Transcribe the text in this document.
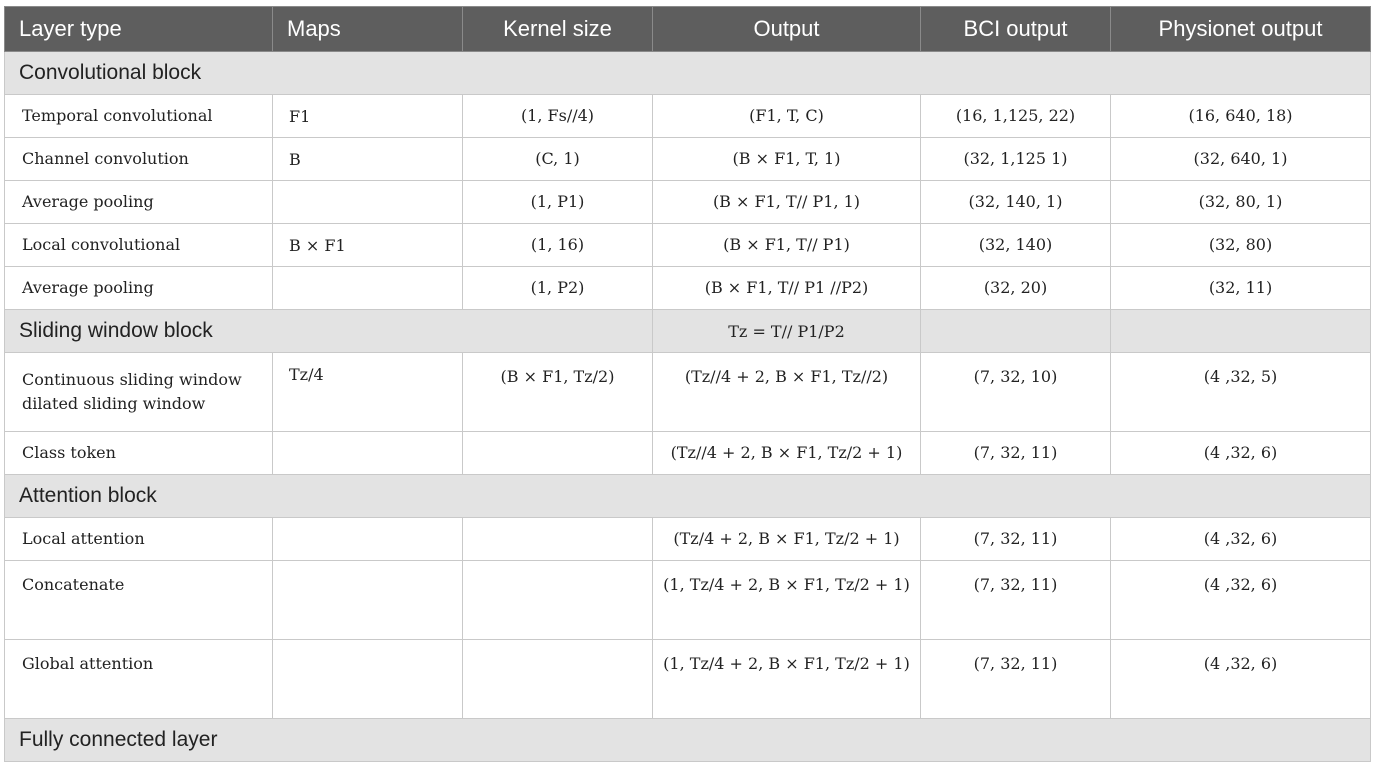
Layer type	Maps	Kernel size	Output	BCI output	Physionet output
Convolutional block					
Temporal convolutional	F1	(1, Fs//4)	(F1, T, C)	(16, 1,125, 22)	(16, 640, 18)
Channel convolution	B	(C, 1)	(B × F1, T, 1)	(32, 1,125 1)	(32, 640, 1)
Average pooling		(1, P1)	(B × F1, T// P1, 1)	(32, 140, 1)	(32, 80, 1)
Local convolutional	B × F1	(1, 16)	(B × F1, T// P1)	(32, 140)	(32, 80)
Average pooling		(1, P2)	(B × F1, T// P1 //P2)	(32, 20)	(32, 11)
Sliding window block			Tz = T// P1/P2		
Continuous sliding window dilated sliding window	Tz/4	(B × F1, Tz/2)	(Tz//4 + 2, B × F1, Tz//2)	(7, 32, 10)	(4 ,32, 5)
Class token			(Tz//4 + 2, B × F1, Tz/2 + 1)	(7, 32, 11)	(4 ,32, 6)
Attention block					
Local attention			(Tz/4 + 2, B × F1, Tz/2 + 1)	(7, 32, 11)	(4 ,32, 6)
Concatenate			(1, Tz/4 + 2, B × F1, Tz/2 + 1)	(7, 32, 11)	(4 ,32, 6)
Global attention			(1, Tz/4 + 2, B × F1, Tz/2 + 1)	(7, 32, 11)	(4 ,32, 6)
Fully connected layer					
